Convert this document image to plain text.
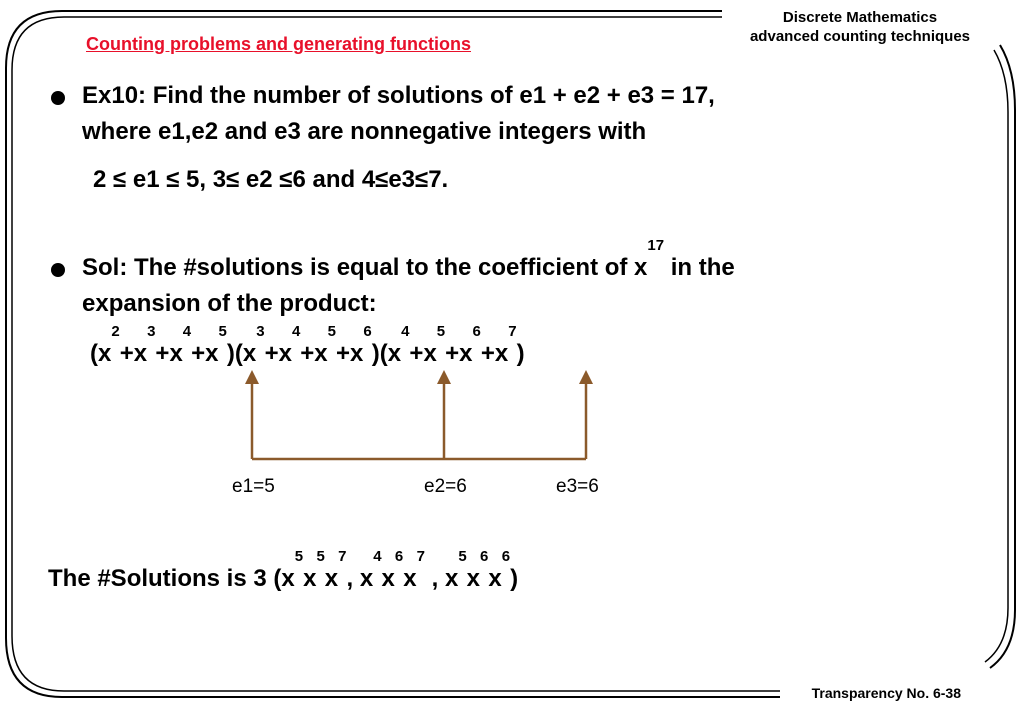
Discrete Mathematics
advanced counting techniques
Counting problems and generating functions
Ex10: Find the number of solutions of e1 + e2 + e3 = 17,
where e1,e2 and e3 are nonnegative integers with
2 ≤ e1 ≤ 5, 3≤ e2 ≤6 and 4≤e3≤7.
Sol: The #solutions is equal to the coefficient of $x^{17}$ in the
expansion of the product:
$(x^2+x^3+x^4+x^5)(x^3+x^4+x^5+x^6)(x^4+x^5+x^6+x^7)$
e1=5	e2=6	e3=6
The #Solutions is 3 ($x^5x^5x^7$, $x^4x^6x^7$ , $x^5x^6x^6$)
Transparency No. 6-38
